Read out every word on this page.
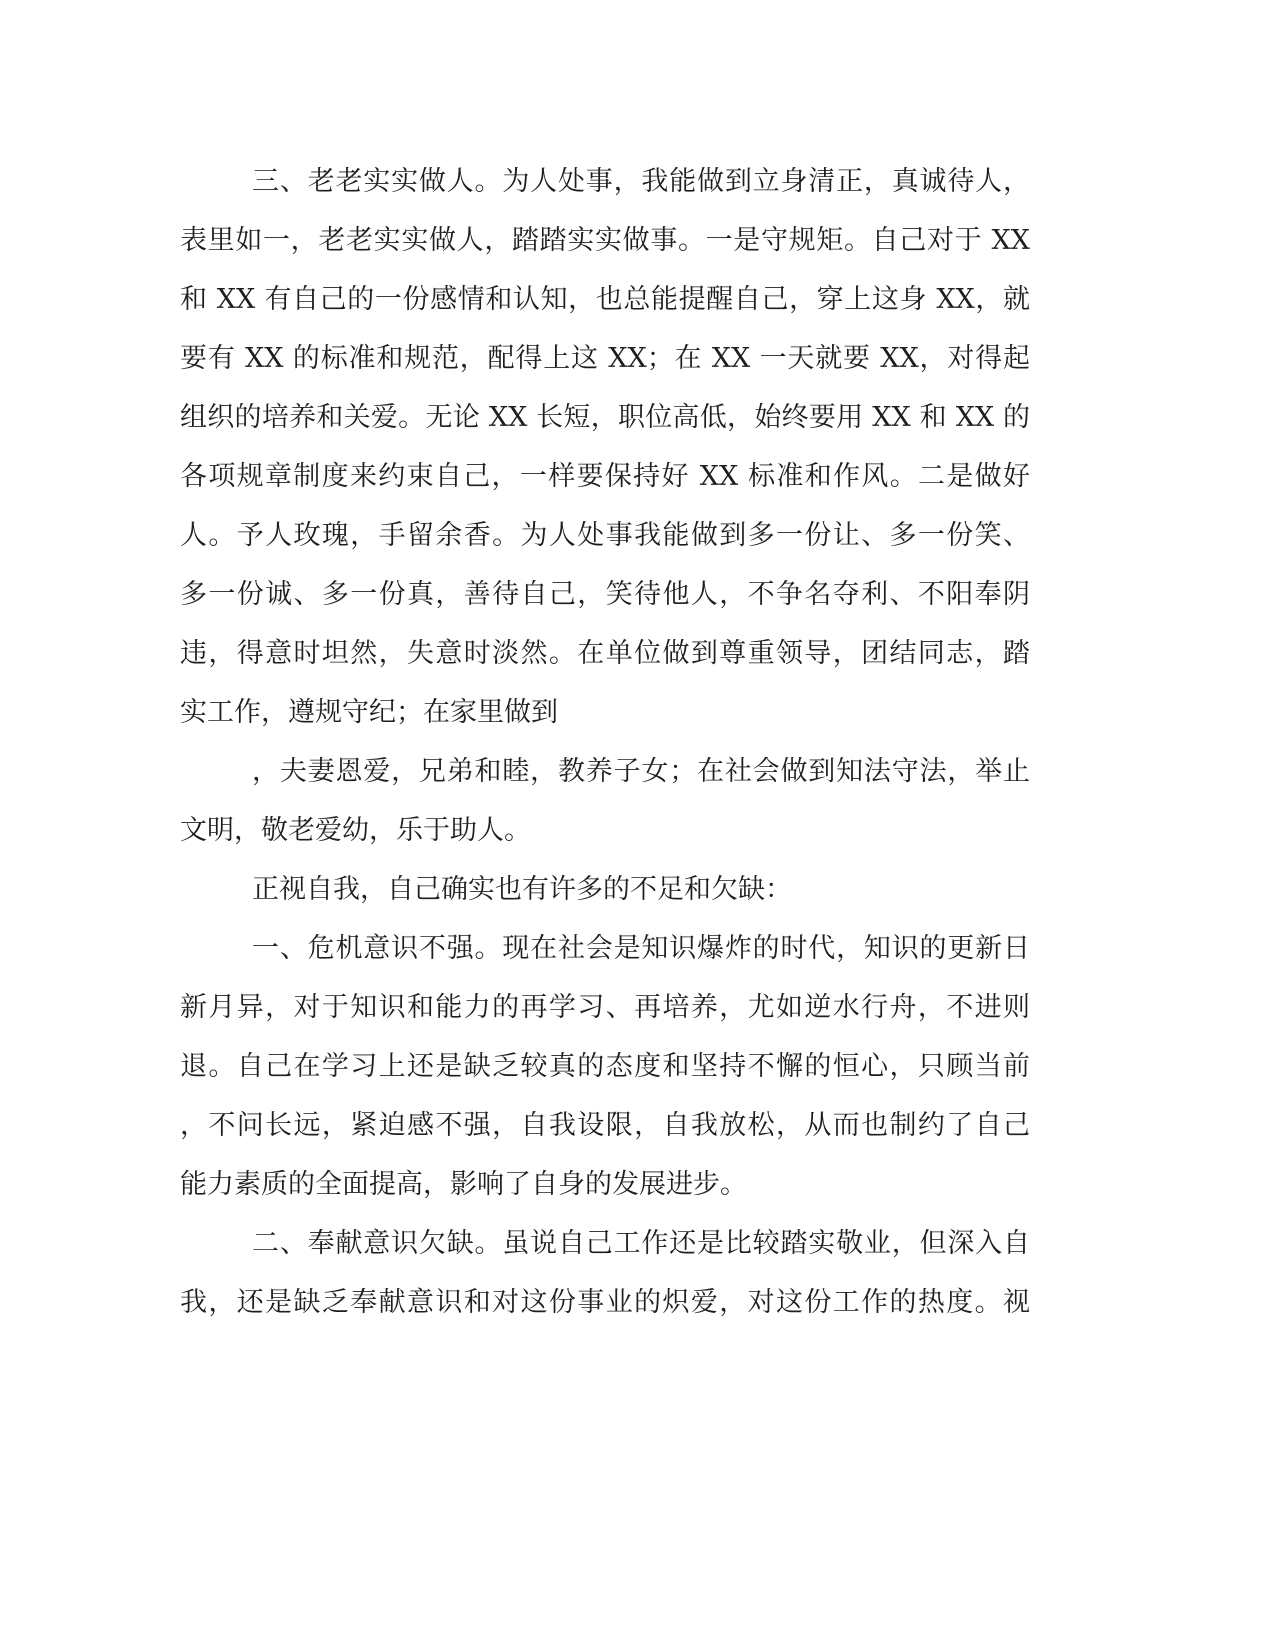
三、老老实实做人。为人处事，我能做到立身清正，真诚待人，
表里如一，老老实实做人，踏踏实实做事。一是守规矩。自己对于 XX
和 XX 有自己的一份感情和认知，也总能提醒自己，穿上这身 XX，就
要有 XX 的标准和规范，配得上这 XX；在 XX 一天就要 XX，对得起
组织的培养和关爱。无论 XX 长短，职位高低，始终要用 XX 和 XX 的
各项规章制度来约束自己，一样要保持好 XX 标准和作风。二是做好
人。予人玫瑰，手留余香。为人处事我能做到多一份让、多一份笑、
多一份诚、多一份真，善待自己，笑待他人，不争名夺利、不阳奉阴
违，得意时坦然，失意时淡然。在单位做到尊重领导，团结同志，踏
实工作，遵规守纪；在家里做到
，夫妻恩爱，兄弟和睦，教养子女；在社会做到知法守法，举止
文明，敬老爱幼，乐于助人。
正视自我，自己确实也有许多的不足和欠缺：
一、危机意识不强。现在社会是知识爆炸的时代，知识的更新日
新月异，对于知识和能力的再学习、再培养，尤如逆水行舟，不进则
退。自己在学习上还是缺乏较真的态度和坚持不懈的恒心，只顾当前
，不问长远，紧迫感不强，自我设限，自我放松，从而也制约了自己
能力素质的全面提高，影响了自身的发展进步。
二、奉献意识欠缺。虽说自己工作还是比较踏实敬业，但深入自
我，还是缺乏奉献意识和对这份事业的炽爱，对这份工作的热度。视
